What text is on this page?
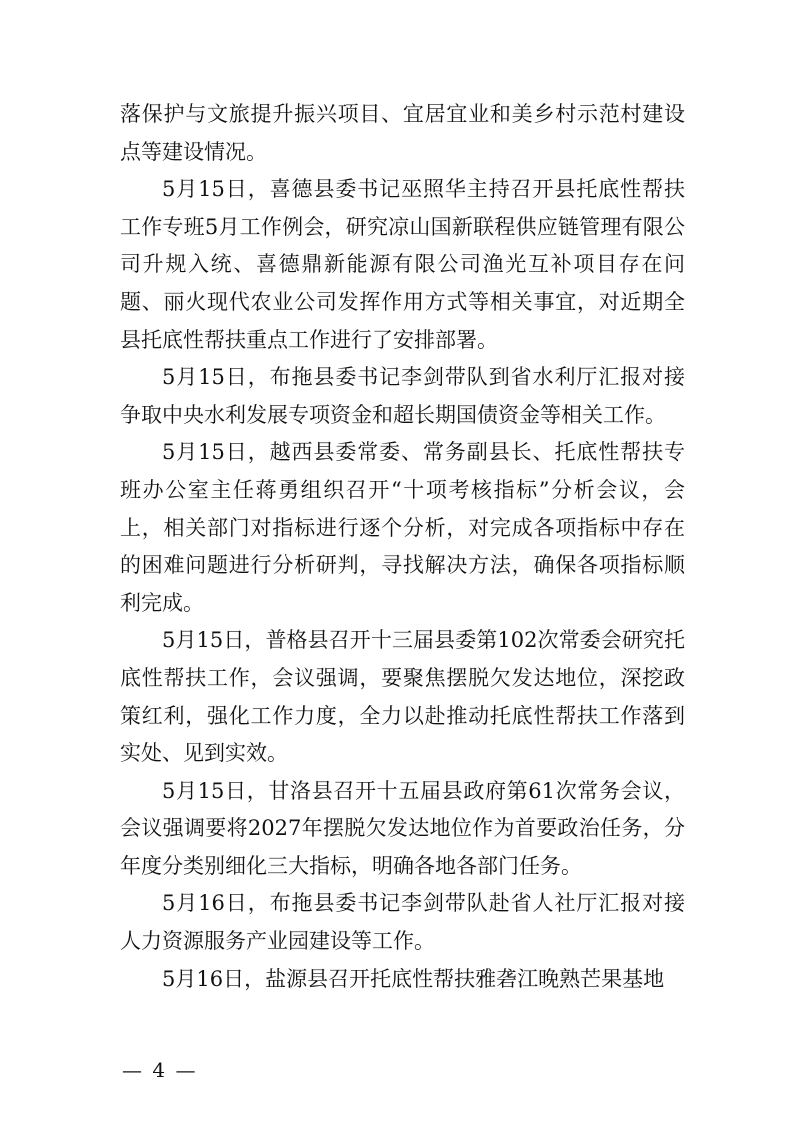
落保护与文旅提升振兴项目、宜居宜业和美乡村示范村建设点等建设情况。

5月15日，喜德县委书记巫照华主持召开县托底性帮扶工作专班5月工作例会，研究凉山国新联程供应链管理有限公司升规入统、喜德鼎新能源有限公司渔光互补项目存在问题、丽火现代农业公司发挥作用方式等相关事宜，对近期全县托底性帮扶重点工作进行了安排部署。

5月15日，布拖县委书记李剑带队到省水利厅汇报对接争取中央水利发展专项资金和超长期国债资金等相关工作。

5月15日，越西县委常委、常务副县长、托底性帮扶专班办公室主任蒋勇组织召开“十项考核指标”分析会议，会上，相关部门对指标进行逐个分析，对完成各项指标中存在的困难问题进行分析研判，寻找解决方法，确保各项指标顺利完成。

5月15日，普格县召开十三届县委第102次常委会研究托底性帮扶工作，会议强调，要聚焦摆脱欠发达地位，深挖政策红利，强化工作力度，全力以赴推动托底性帮扶工作落到实处、见到实效。

5月15日，甘洛县召开十五届县政府第61次常务会议，会议强调要将2027年摆脱欠发达地位作为首要政治任务，分年度分类别细化三大指标，明确各地各部门任务。

5月16日，布拖县委书记李剑带队赴省人社厅汇报对接人力资源服务产业园建设等工作。

5月16日，盐源县召开托底性帮扶雅砻江晚熟芒果基地

— 4 —
